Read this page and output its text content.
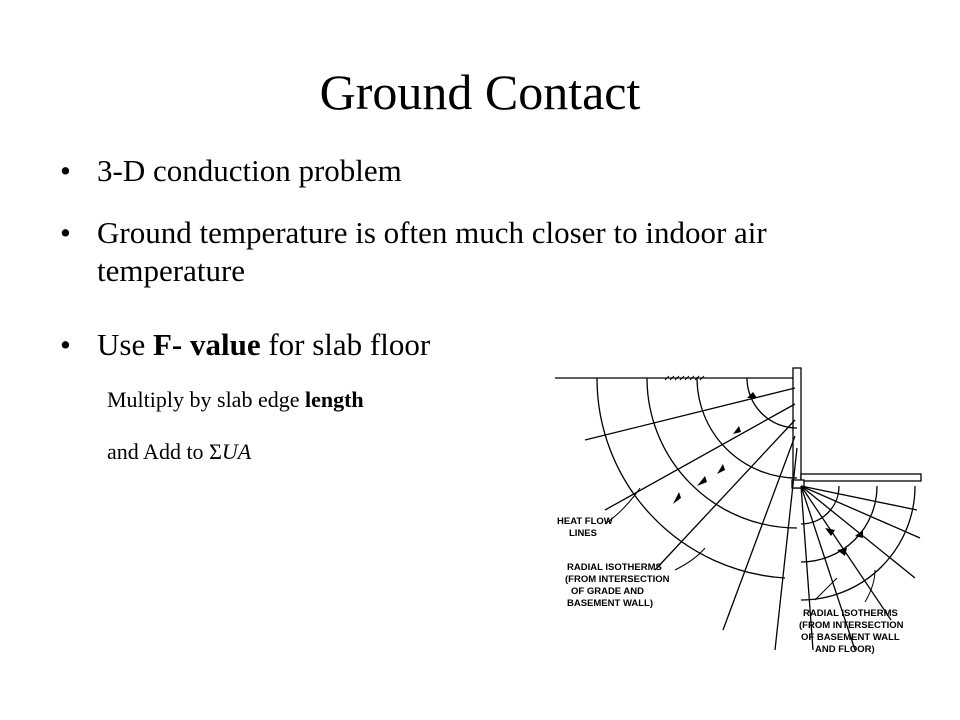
Ground Contact
• 3-D conduction problem
• Ground temperature is often much closer to indoor air temperature
• Use F- value for slab floor
Multiply by slab edge length
and Add to ΣUA
HEAT FLOW
LINES
RADIAL ISOTHERMS
(FROM INTERSECTION
OF GRADE AND
BASEMENT WALL)
RADIAL ISOTHERMS
(FROM INTERSECTION
OF BASEMENT WALL
AND FLOOR)
